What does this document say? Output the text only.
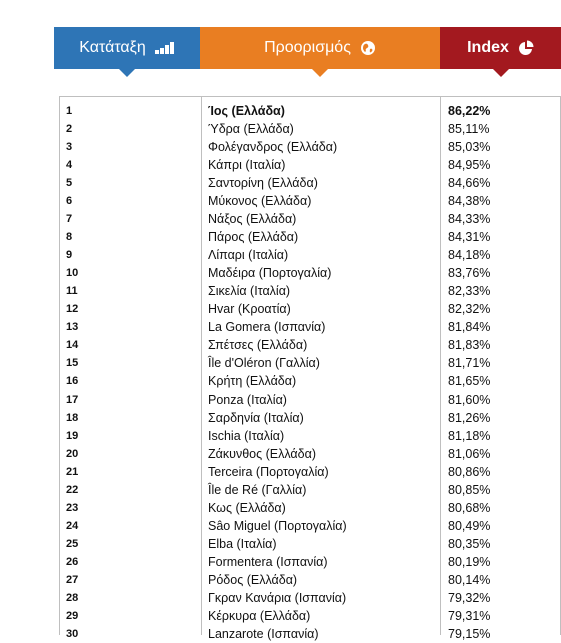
Κατάταξη	Προορισμός	Index
1	Ίος (Ελλάδα)	86,22%
2	Ύδρα (Ελλάδα)	85,11%
3	Φολέγανδρος (Ελλάδα)	85,03%
4	Κάπρι (Ιταλία)	84,95%
5	Σαντορίνη (Ελλάδα)	84,66%
6	Μύκονος (Ελλάδα)	84,38%
7	Νάξος (Ελλάδα)	84,33%
8	Πάρος (Ελλάδα)	84,31%
9	Λίπαρι (Ιταλία)	84,18%
10	Μαδέιρα (Πορτογαλία)	83,76%
11	Σικελία (Ιταλία)	82,33%
12	Hvar (Κροατία)	82,32%
13	La Gomera (Ισπανία)	81,84%
14	Σπέτσες (Ελλάδα)	81,83%
15	Île d'Oléron (Γαλλία)	81,71%
16	Κρήτη (Ελλάδα)	81,65%
17	Ponza (Ιταλία)	81,60%
18	Σαρδηνία (Ιταλία)	81,26%
19	Ischia (Ιταλία)	81,18%
20	Ζάκυνθος (Ελλάδα)	81,06%
21	Terceira (Πορτογαλία)	80,86%
22	Île de Ré (Γαλλία)	80,85%
23	Κως (Ελλάδα)	80,68%
24	Sâo Miguel (Πορτογαλία)	80,49%
25	Elba (Ιταλία)	80,35%
26	Formentera (Ισπανία)	80,19%
27	Ρόδος (Ελλάδα)	80,14%
28	Γκραν Κανάρια (Ισπανία)	79,32%
29	Κέρκυρα (Ελλάδα)	79,31%
30	Lanzarote (Ισπανία)	79,15%
